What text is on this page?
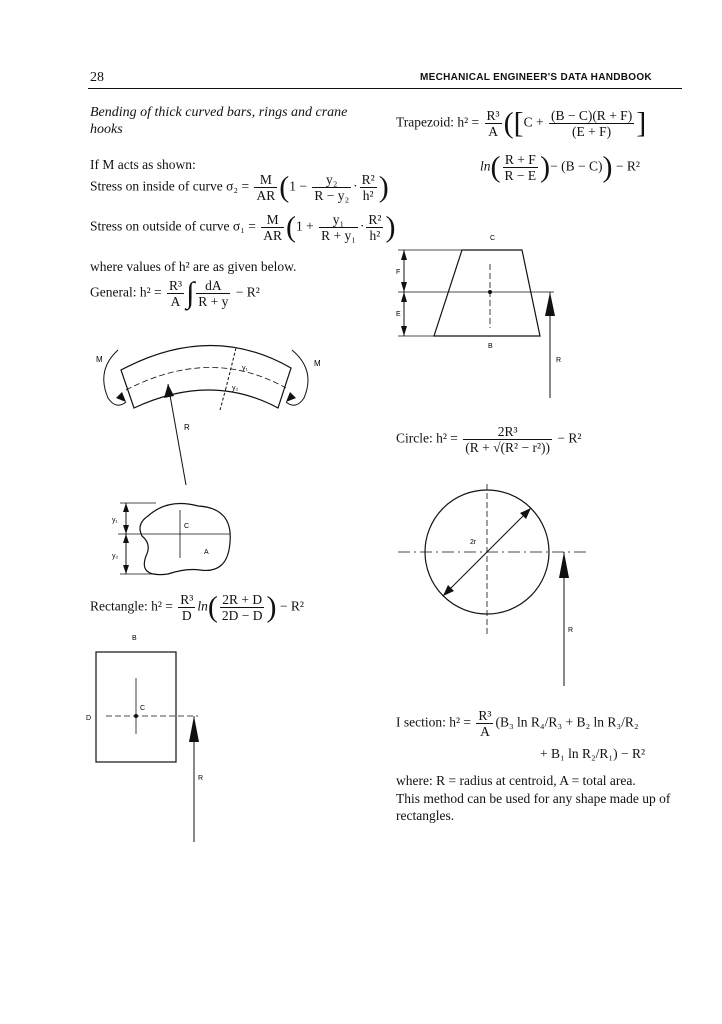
28	MECHANICAL ENGINEER'S DATA HANDBOOK
Bending of thick curved bars, rings and crane hooks
If M acts as shown:
Stress on inside of curve $\sigma_2 = \frac{M}{AR} (1 - \frac{\text{y₂}}{\text{R − y₂}} \cdot \frac{\text{R²}}{\text{h²}}$ )
Stress on outside of curve $\sigma_1 = \frac{M}{AR} (1 + \frac{\text{y₁}}{\text{R + y₁}} \cdot \frac{\text{R²}}{\text{h²}}$ )
where values of h² are as given below.
General: $h^2 = \frac{\text{R³}}{A}$ ∫ $\frac{dA}{R + y} - R^2$
M	M
y₁
y₂
R
y₁
y₂
C
A
Rectangle: $h^2 = \frac{\text{R³}}{D} \ln( \frac{2R + D}{2D - D}$ ) − R²
B
D
C
R
Trapezoid: $h^2 = \frac{\text{R³}}{A} ([C + \frac{(B - C)(R + F)}{(E + F)}$ ]
$\ln( \frac{R + F}{R - E}$ )− (B − C)) − R²
C
F
E
B
R
Circle: $h^2 = \frac{\text{2R³}}{\text{(R + √(R² − r²))}} - R^2$
2r
R
I section: $h^2 = \frac{\text{R³}}{A} (B_3$ ln R₄/R₃ + B₂ ln R₃/R₂
+ B₁ ln R₂/R₁) − R²
where: R = radius at centroid, A = total area.
This method can be used for any shape made up of rectangles.
